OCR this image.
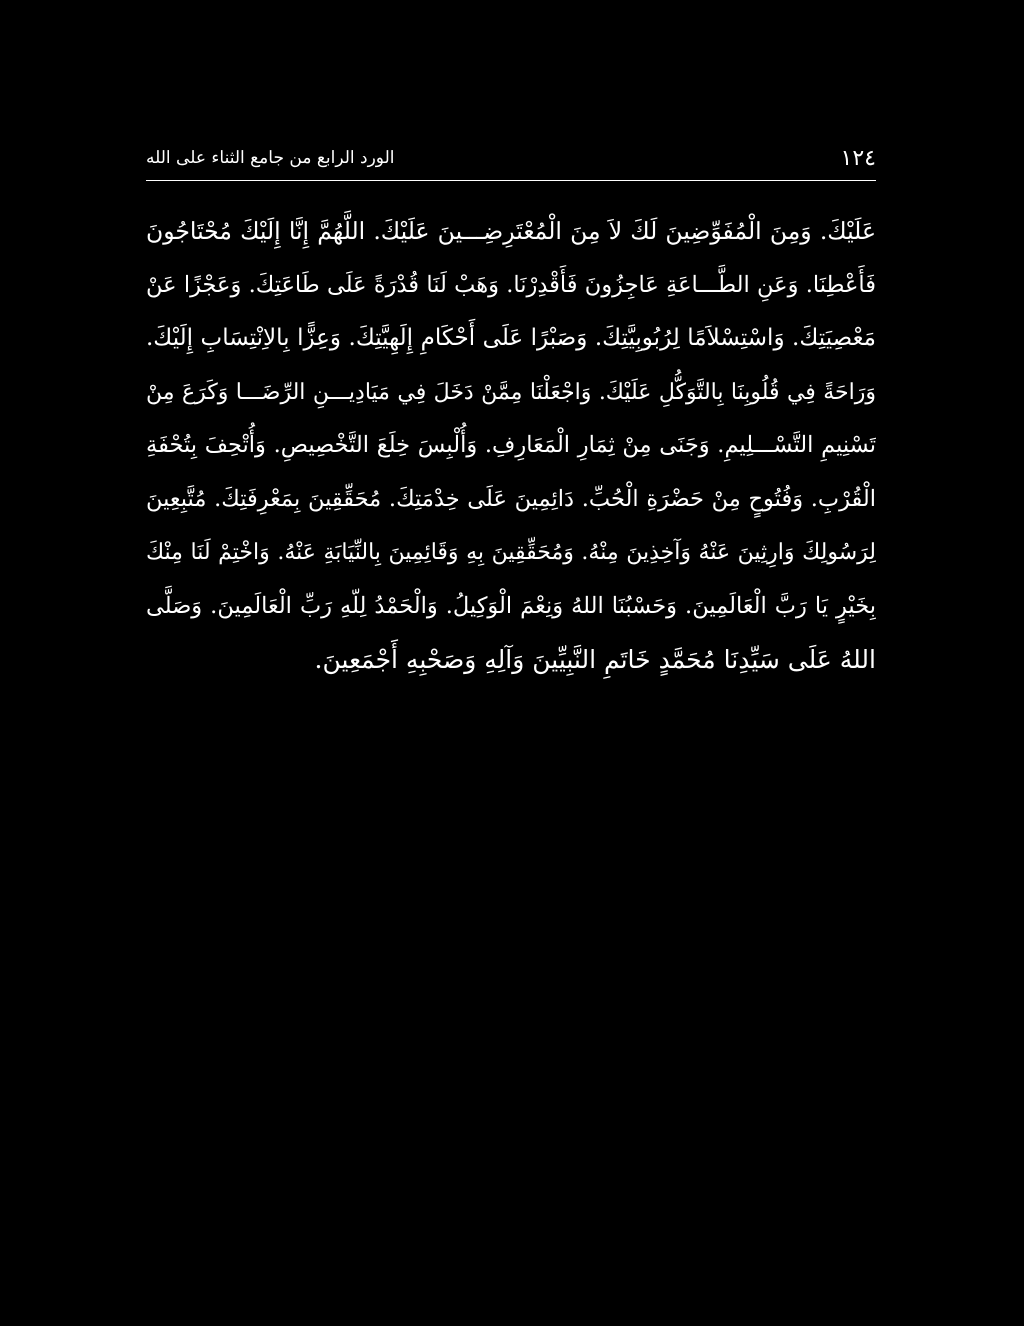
١٢٤
الورد الرابع من جامع الثناء على الله
عَلَيْكَ. وَمِنَ الْمُفَوِّضِينَ لَكَ لاَ مِنَ الْمُعْتَرِضِـــينَ عَلَيْكَ. اللَّهُمَّ إِنَّا إِلَيْكَ مُحْتَاجُونَ
فَأَعْطِنَا. وَعَنِ الطَّـــاعَةِ عَاجِزُونَ فَأَقْدِرْنَا. وَهَبْ لَنَا قُدْرَةً عَلَى طَاعَتِكَ. وَعَجْزًا عَنْ
مَعْصِيَتِكَ. وَاسْتِسْلاَمًا لِرُبُوبِيَّتِكَ. وَصَبْرًا عَلَى أَحْكَامِ إِلَهِيَّتِكَ. وَعِزًّا بِالاِنْتِسَابِ إِلَيْكَ.
وَرَاحَةً فِي قُلُوبِنَا بِالتَّوَكُّلِ عَلَيْكَ. وَاجْعَلْنَا مِمَّنْ دَخَلَ فِي مَيَادِيـــنِ الرِّضَـــا وَكَرَعَ مِنْ
تَسْنِيمِ التَّسْـــلِيمِ. وَجَنَى مِنْ ثِمَارِ الْمَعَارِفِ. وَأُلْبِسَ خِلَعَ التَّخْصِيصِ. وَأُتْحِفَ بِتُحْفَةِ
الْقُرْبِ. وَفُتُوحٍ مِنْ حَضْرَةِ الْحُبِّ. دَائِمِينَ عَلَى خِدْمَتِكَ. مُحَقِّقِينَ بِمَعْرِفَتِكَ. مُتَّبِعِينَ
لِرَسُولِكَ وَارِثِينَ عَنْهُ وَآخِذِينَ مِنْهُ. وَمُحَقِّقِينَ بِهِ وَقَائِمِينَ بِالنِّيَابَةِ عَنْهُ. وَاخْتِمْ لَنَا مِنْكَ
بِخَيْرٍ يَا رَبَّ الْعَالَمِينَ. وَحَسْبُنَا اللهُ وَنِعْمَ الْوَكِيلُ. وَالْحَمْدُ لِلّهِ رَبِّ الْعَالَمِينَ. وَصَلَّى
اللهُ عَلَى سَيِّدِنَا مُحَمَّدٍ خَاتَمِ النَّبِيِّينَ وَآلِهِ وَصَحْبِهِ أَجْمَعِينَ.
